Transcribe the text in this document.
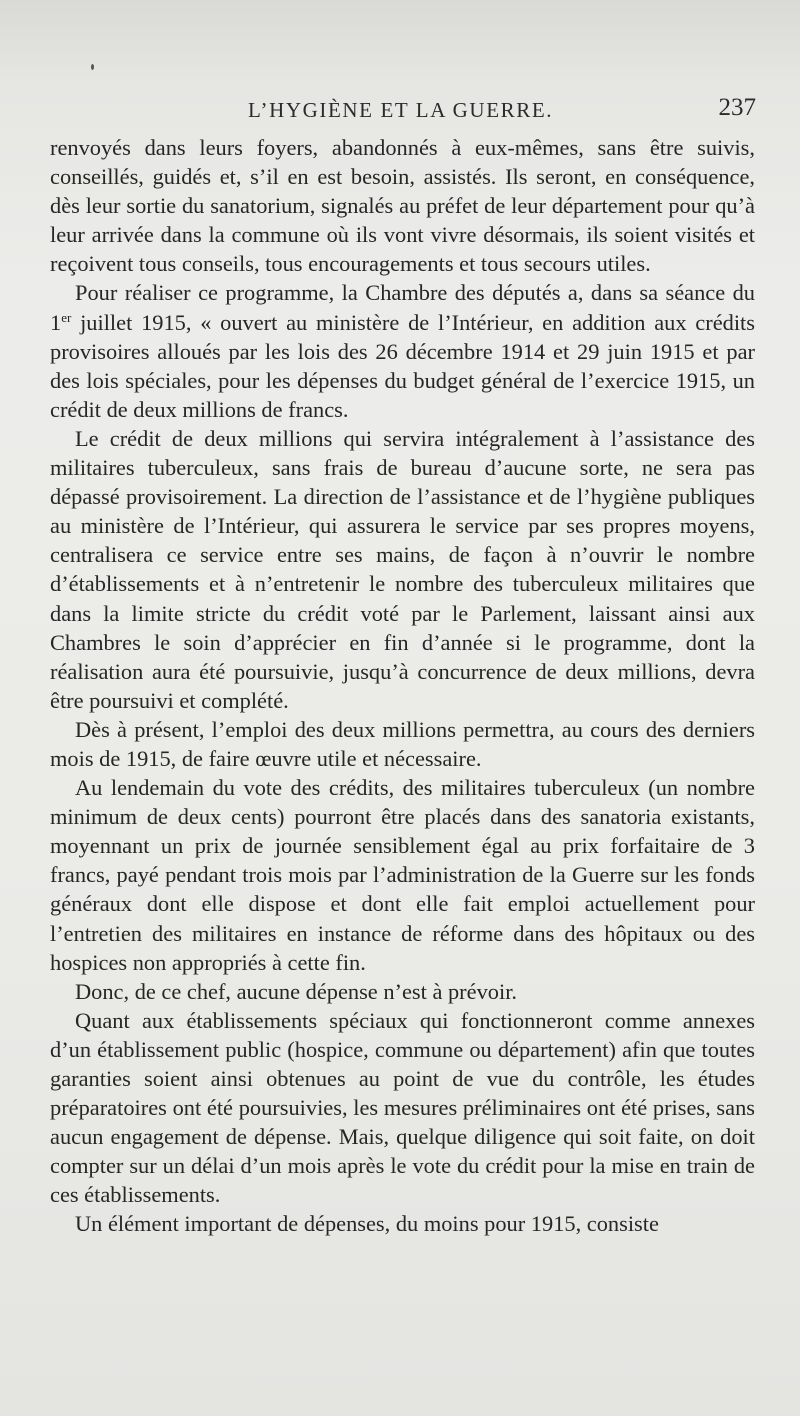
L’HYGIÈNE ET LA GUERRE.	237

renvoyés dans leurs foyers, abandonnés à eux-mêmes, sans être suivis, conseillés, guidés et, s’il en est besoin, assistés. Ils seront, en conséquence, dès leur sortie du sanatorium, signalés au préfet de leur département pour qu’à leur arrivée dans la commune où ils vont vivre désormais, ils soient visités et reçoivent tous conseils, tous encouragements et tous secours utiles.

Pour réaliser ce programme, la Chambre des députés a, dans sa séance du 1er juillet 1915, « ouvert au ministère de l’Intérieur, en addition aux crédits provisoires alloués par les lois des 26 décembre 1914 et 29 juin 1915 et par des lois spéciales, pour les dépenses du budget général de l’exercice 1915, un crédit de deux millions de francs.

Le crédit de deux millions qui servira intégralement à l’assistance des militaires tuberculeux, sans frais de bureau d’aucune sorte, ne sera pas dépassé provisoirement. La direction de l’assistance et de l’hygiène publiques au ministère de l’Intérieur, qui assurera le service par ses propres moyens, centralisera ce service entre ses mains, de façon à n’ouvrir le nombre d’établissements et à n’entretenir le nombre des tuberculeux militaires que dans la limite stricte du crédit voté par le Parlement, laissant ainsi aux Chambres le soin d’apprécier en fin d’année si le programme, dont la réalisation aura été poursuivie, jusqu’à concurrence de deux millions, devra être poursuivi et complété.

Dès à présent, l’emploi des deux millions permettra, au cours des derniers mois de 1915, de faire œuvre utile et nécessaire.

Au lendemain du vote des crédits, des militaires tuberculeux (un nombre minimum de deux cents) pourront être placés dans des sanatoria existants, moyennant un prix de journée sensiblement égal au prix forfaitaire de 3 francs, payé pendant trois mois par l’administration de la Guerre sur les fonds généraux dont elle dispose et dont elle fait emploi actuellement pour l’entretien des militaires en instance de réforme dans des hôpitaux ou des hospices non appropriés à cette fin.

Donc, de ce chef, aucune dépense n’est à prévoir.

Quant aux établissements spéciaux qui fonctionneront comme annexes d’un établissement public (hospice, commune ou département) afin que toutes garanties soient ainsi obtenues au point de vue du contrôle, les études préparatoires ont été poursuivies, les mesures préliminaires ont été prises, sans aucun engagement de dépense. Mais, quelque diligence qui soit faite, on doit compter sur un délai d’un mois après le vote du crédit pour la mise en train de ces établissements.

Un élément important de dépenses, du moins pour 1915, consiste
